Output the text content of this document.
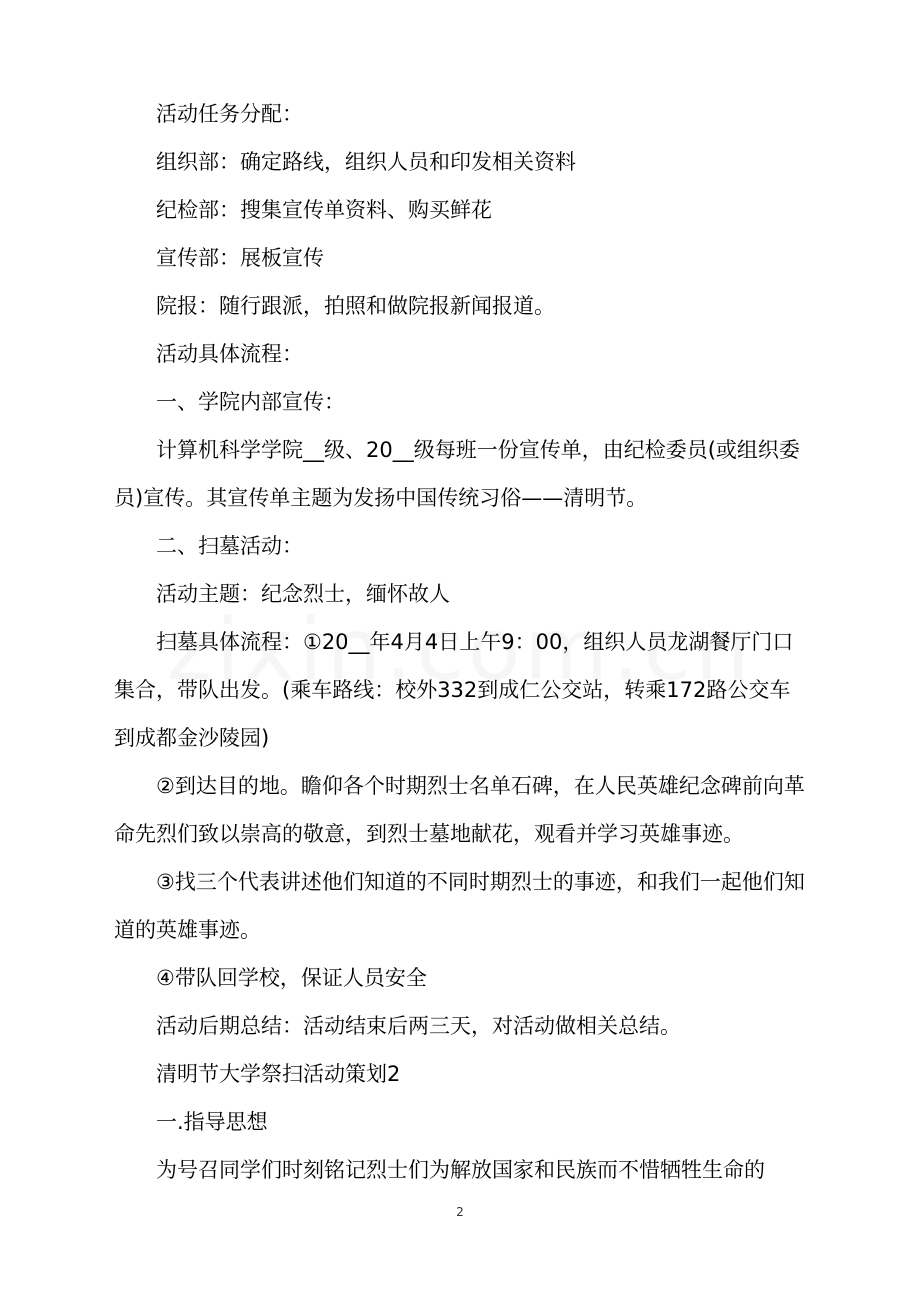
活动任务分配：

组织部：确定路线，组织人员和印发相关资料

纪检部：搜集宣传单资料、购买鲜花

宣传部：展板宣传

院报：随行跟派，拍照和做院报新闻报道。

活动具体流程：

一、学院内部宣传：

计算机科学学院__级、20__级每班一份宣传单，由纪检委员(或组织委员)宣传。其宣传单主题为发扬中国传统习俗——清明节。

二、扫墓活动：

活动主题：纪念烈士，缅怀故人

扫墓具体流程：①20__年4月4日上午9：00，组织人员龙湖餐厅门口集合，带队出发。(乘车路线：校外332到成仁公交站，转乘172路公交车到成都金沙陵园)

②到达目的地。瞻仰各个时期烈士名单石碑，在人民英雄纪念碑前向革命先烈们致以崇高的敬意，到烈士墓地献花，观看并学习英雄事迹。

③找三个代表讲述他们知道的不同时期烈士的事迹，和我们一起他们知道的英雄事迹。

④带队回学校，保证人员安全

活动后期总结：活动结束后两三天，对活动做相关总结。

清明节大学祭扫活动策划2

一.指导思想

为号召同学们时刻铭记烈士们为解放国家和民族而不惜牺牲生命的

2
